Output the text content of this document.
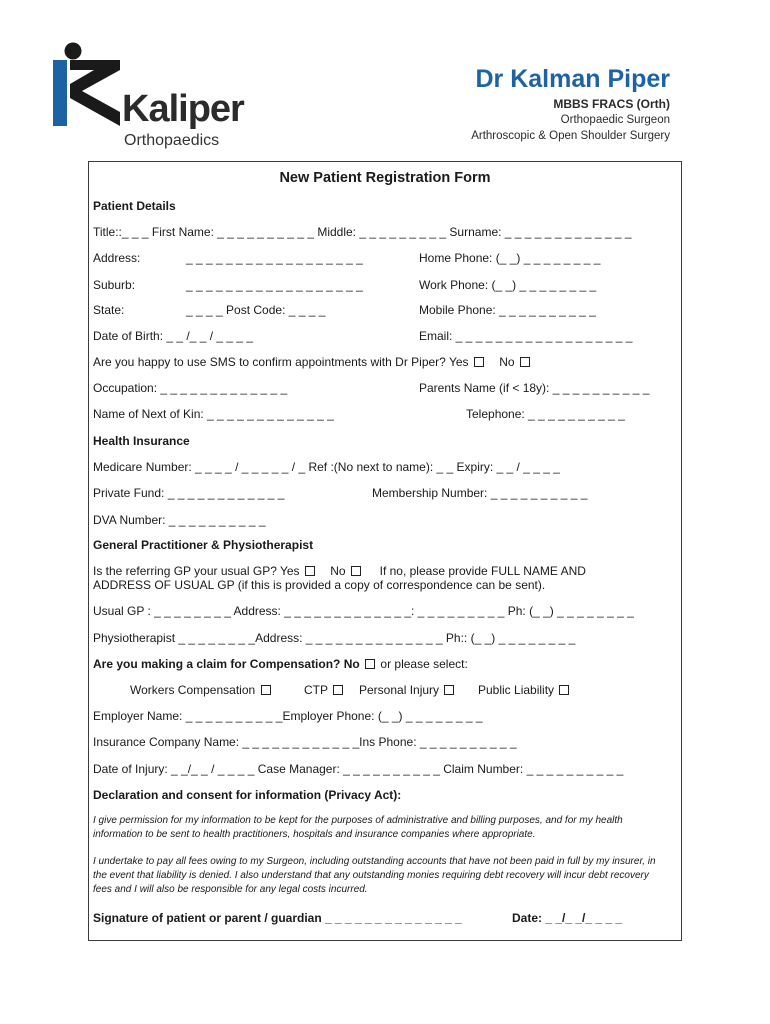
Kaliper
Orthopaedics
Dr Kalman Piper
MBBS FRACS (Orth)
Orthopaedic Surgeon
Arthroscopic & Open Shoulder Surgery
New Patient Registration Form
Patient Details
Title::_ _ _ First Name: _ _ _ _ _ _ _ _ _ _ Middle: _ _ _ _ _ _ _ _ _ Surname: _ _ _ _ _ _ _ _ _ _ _ _ _
Address:	_ _ _ _ _ _ _ _ _ _ _ _ _ _ _ _ _ _	Home Phone: (_ _) _ _ _ _ _ _ _ _
Suburb:	_ _ _ _ _ _ _ _ _ _ _ _ _ _ _ _ _ _	Work Phone: (_ _) _ _ _ _ _ _ _ _
State:	_ _ _ _ Post Code: _ _ _ _	Mobile Phone: _ _ _ _ _ _ _ _ _ _
Date of Birth: _ _ /_ _ / _ _ _ _	Email: _ _ _ _ _ _ _ _ _ _ _ _ _ _ _ _ _ _
Are you happy to use SMS to confirm appointments with Dr Piper? Yes	No
Occupation: _ _ _ _ _ _ _ _ _ _ _ _ _	Parents Name (if < 18y): _ _ _ _ _ _ _ _ _ _
Name of Next of Kin: _ _ _ _ _ _ _ _ _ _ _ _ _	Telephone: _ _ _ _ _ _ _ _ _ _
Health Insurance
Medicare Number: _ _ _ _ / _ _ _ _ _ / _ Ref :(No next to name): _ _ Expiry: _ _ / _ _ _ _
Private Fund: _ _ _ _ _ _ _ _ _ _ _ _	Membership Number: _ _ _ _ _ _ _ _ _ _
DVA Number: _ _ _ _ _ _ _ _ _ _
General Practitioner & Physiotherapist
Is the referring GP your usual GP? Yes	No	If no, please provide FULL NAME AND
ADDRESS OF USUAL GP (if this is provided a copy of correspondence can be sent).
Usual GP : _ _ _ _ _ _ _ _ Address: _ _ _ _ _ _ _ _ _ _ _ _ _: _ _ _ _ _ _ _ _ _ Ph: (_ _) _ _ _ _ _ _ _ _
Physiotherapist _ _ _ _ _ _ _ _Address: _ _ _ _ _ _ _ _ _ _ _ _ _ _ Ph:: (_ _) _ _ _ _ _ _ _ _
Are you making a claim for Compensation? No or please select:
Workers Compensation	CTP	Personal Injury	Public Liability
Employer Name: _ _ _ _ _ _ _ _ _ _Employer Phone: (_ _) _ _ _ _ _ _ _ _
Insurance Company Name: _ _ _ _ _ _ _ _ _ _ _ _Ins Phone: _ _ _ _ _ _ _ _ _ _
Date of Injury: _ _/_ _ / _ _ _ _ Case Manager: _ _ _ _ _ _ _ _ _ _ Claim Number: _ _ _ _ _ _ _ _ _ _
Declaration and consent for information (Privacy Act):
I give permission for my information to be kept for the purposes of administrative and billing purposes, and for my health information to be sent to health practitioners, hospitals and insurance companies where appropriate.
I undertake to pay all fees owing to my Surgeon, including outstanding accounts that have not been paid in full by my insurer, in the event that liability is denied. I also understand that any outstanding monies requiring debt recovery will incur debt recovery fees and I will also be responsible for any legal costs incurred.
Signature of patient or parent / guardian _ _ _ _ _ _ _ _ _ _ _ _ _ _	Date: _ _/_ _/_ _ _ _
